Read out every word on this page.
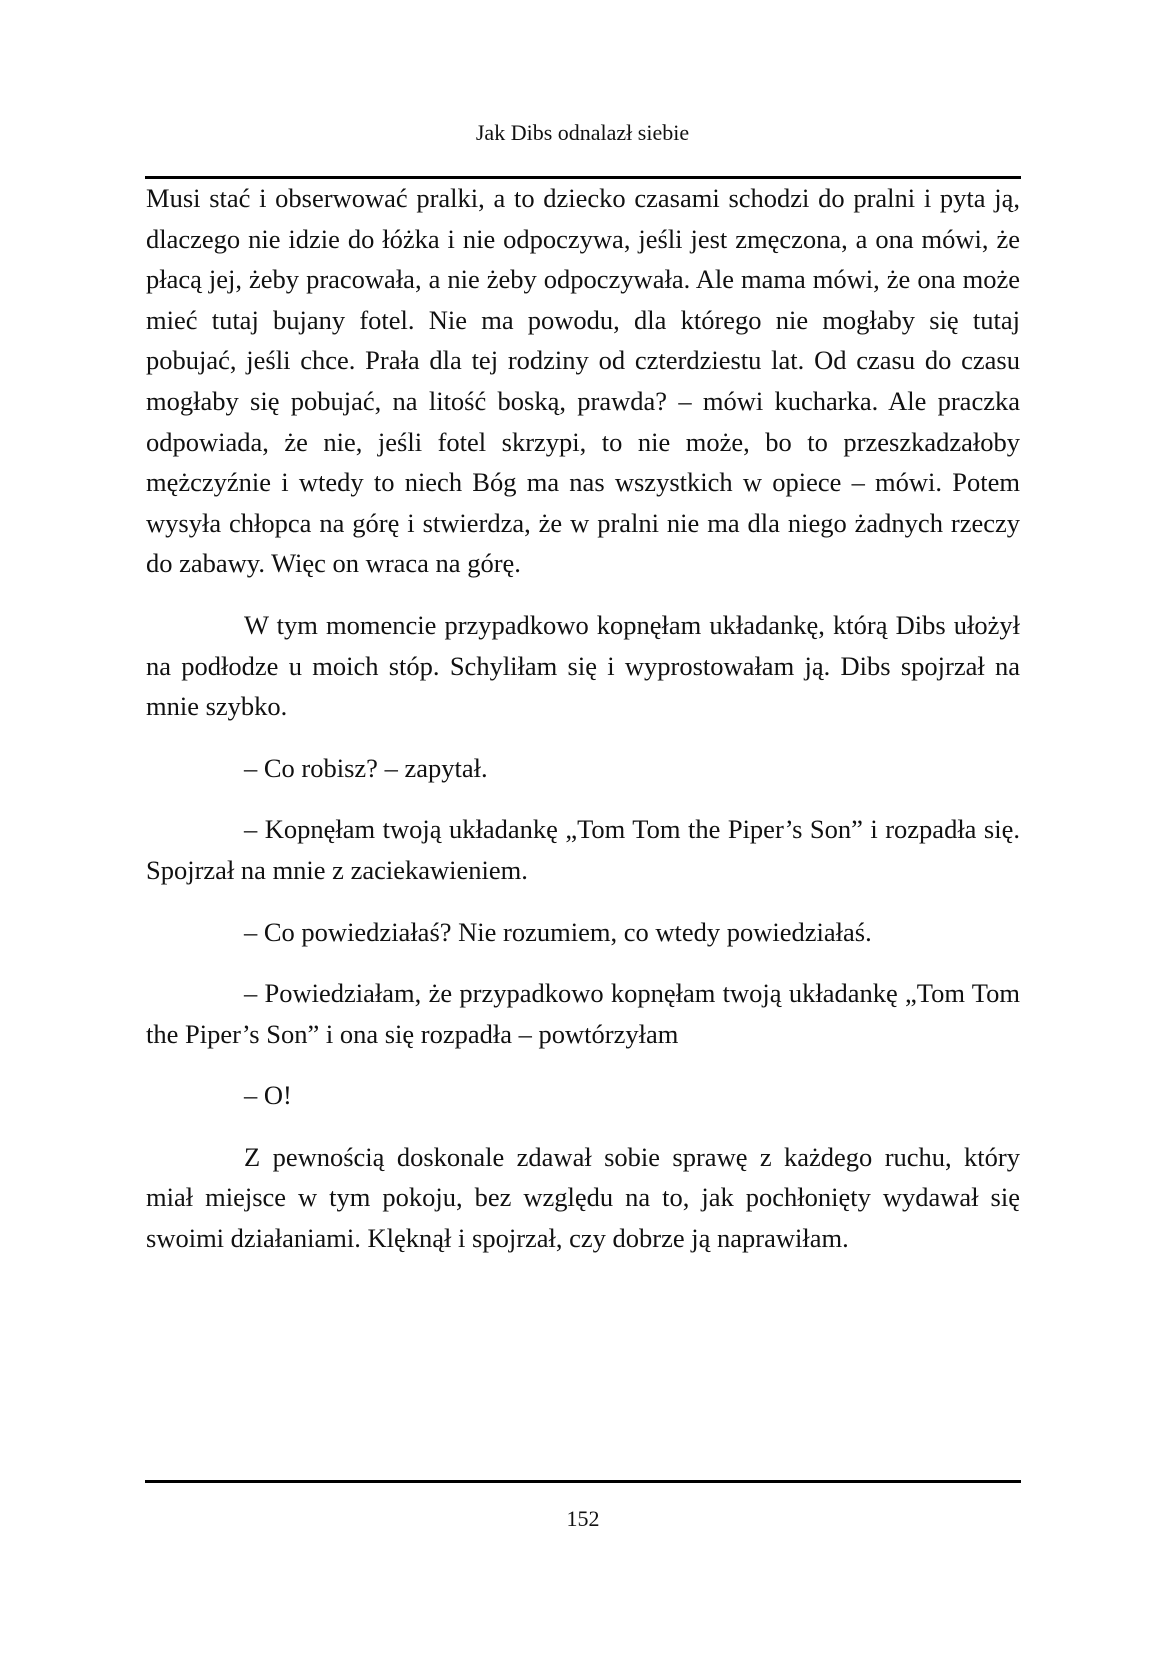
Jak Dibs odnalazł siebie

Musi stać i obserwować pralki, a to dziecko czasami schodzi do pralni i pyta ją, dlaczego nie idzie do łóżka i nie odpoczywa, jeśli jest zmęczona, a ona mówi, że płacą jej, żeby pracowała, a nie żeby odpoczywała. Ale mama mówi, że ona może mieć tutaj bujany fotel. Nie ma powodu, dla którego nie mogłaby się tutaj pobujać, jeśli chce. Prała dla tej rodziny od czterdziestu lat. Od czasu do czasu mogłaby się pobujać, na litość boską, prawda? – mówi kucharka. Ale praczka odpowiada, że nie, jeśli fotel skrzypi, to nie może, bo to przeszkadzałoby mężczyźnie i wtedy to niech Bóg ma nas wszystkich w opiece – mówi. Potem wysyła chłopca na górę i stwierdza, że w pralni nie ma dla niego żadnych rzeczy do zabawy. Więc on wraca na górę.

W tym momencie przypadkowo kopnęłam układankę, którą Dibs ułożył na podłodze u moich stóp. Schyliłam się i wyprostowałam ją. Dibs spojrzał na mnie szybko.

– Co robisz? – zapytał.

– Kopnęłam twoją układankę „Tom Tom the Piper’s Son” i rozpadła się. Spojrzał na mnie z zaciekawieniem.

– Co powiedziałaś? Nie rozumiem, co wtedy powiedziałaś.

– Powiedziałam, że przypadkowo kopnęłam twoją układankę „Tom Tom the Piper’s Son” i ona się rozpadła – powtórzyłam

– O!

Z pewnością doskonale zdawał sobie sprawę z każdego ruchu, który miał miejsce w tym pokoju, bez względu na to, jak pochłonięty wydawał się swoimi działaniami. Klęknął i spojrzał, czy dobrze ją naprawiłam.

152
